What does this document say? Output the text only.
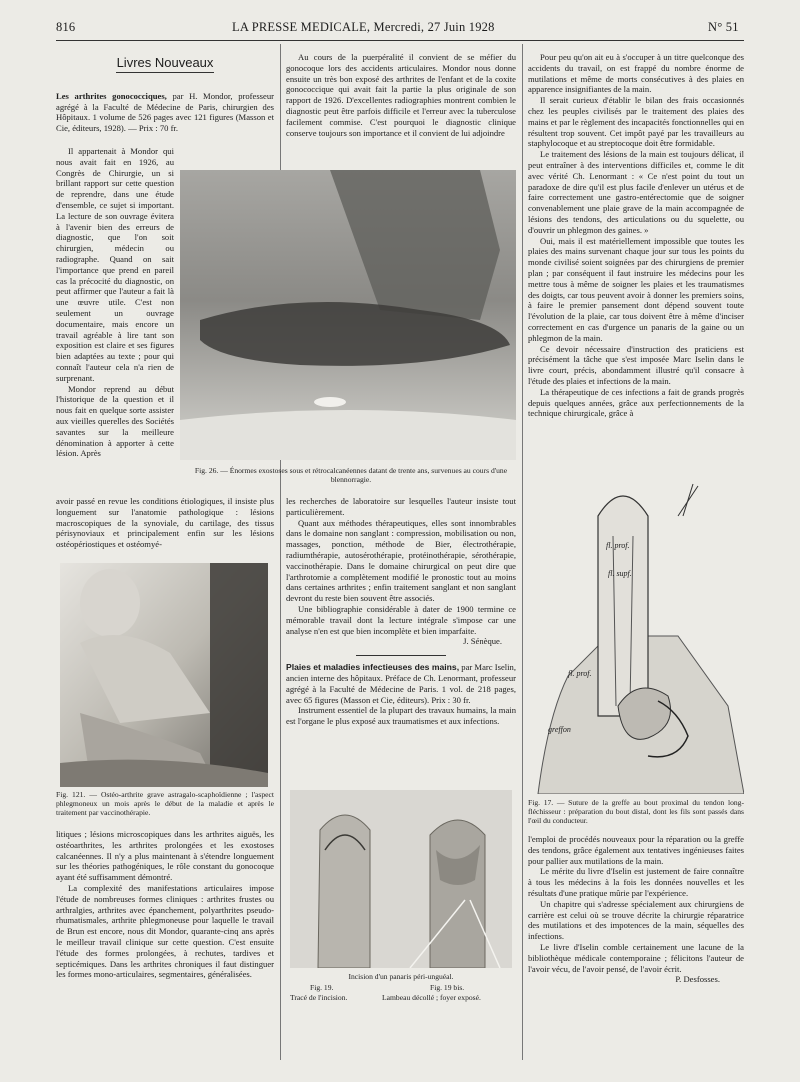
816	LA PRESSE MEDICALE, Mercredi, 27 Juin 1928	N° 51
Livres Nouveaux

Les arthrites gonococciques, par H. Mondor, professeur agrégé à la Faculté de Médecine de Paris, chirurgien des Hôpitaux. 1 volume de 526 pages avec 121 figures (Masson et Cie, éditeurs, 1928). — Prix : 70 fr.

Il appartenait à Mondor qui nous avait fait en 1926, au Congrès de Chirurgie, un si brillant rapport sur cette question de reprendre, dans une étude d'ensemble, ce sujet si important. La lecture de son ouvrage évitera à l'avenir bien des erreurs de diagnostic, que l'on soit chirurgien, médecin ou radiographe. Quand on sait l'importance que prend en pareil cas la précocité du diagnostic, on peut affirmer que l'auteur a fait là une œuvre utile. C'est non seulement un ouvrage documentaire, mais encore un travail agréable à lire tant son exposition est claire et ses figures bien adaptées au texte ; pour qui connaît l'auteur cela n'a rien de surprenant.

Mondor reprend au début l'historique de la question et il nous fait en quelque sorte assister aux vieilles querelles des Sociétés savantes sur la meilleure dénomination à apporter à cette lésion. Après

avoir passé en revue les conditions étiologiques, il insiste plus longuement sur l'anatomie pathologique : lésions macroscopiques de la synoviale, du cartilage, des tissus périsynoviaux et principalement enfin sur les lésions ostéopériostiques et ostéomyé-

Fig. 121. — Ostéo-arthrite grave astragalo-scaphoïdienne ; l'aspect phlegmoneux un mois après le début de la maladie et après le traitement par vaccinothérapie.

litiques ; lésions microscopiques dans les arthrites aiguës, les ostéoarthrites, les arthrites prolongées et les exostoses calcanéennes. Il n'y a plus maintenant à s'étendre longuement sur les théories pathogéniques, le rôle constant du gonocoque ayant été suffisamment démontré.

La complexité des manifestations articulaires impose l'étude de nombreuses formes cliniques : arthrites frustes ou arthralgies, arthrites avec épanchement, polyarthrites pseudo-rhumatismales, arthrite phlegmoneuse pour laquelle le travail de Brun est encore, nous dit Mondor, quarante-cinq ans après le meilleur travail clinique sur cette question. C'est ensuite l'étude des formes prolongées, à rechutes, tardives et septicémiques. Dans les arthrites chroniques il faut distinguer les formes mono-articulaires, segmentaires, généralisées.

Au cours de la puerpéralité il convient de se méfier du gonocoque lors des accidents articulaires. Mondor nous donne ensuite un très bon exposé des arthrites de l'enfant et de la coxite gonococcique qui avait fait la partie la plus originale de son rapport de 1926. D'excellentes radiographies montrent combien le diagnostic peut être parfois difficile et l'erreur avec la tuberculose facilement commise. C'est pourquoi le diagnostic clinique conserve toujours son importance et il convient de lui adjoindre

Fig. 26. — Énormes exostoses sous et rétrocalcanéennes datant de trente ans, survenues au cours d'une blennorragie.

les recherches de laboratoire sur lesquelles l'auteur insiste tout particulièrement.

Quant aux méthodes thérapeutiques, elles sont innombrables dans le domaine non sanglant : compression, mobilisation ou non, massages, ponction, méthode de Bier, électrothérapie, radiumthérapie, autosérothérapie, protéinothérapie, sérothérapie, vaccinothérapie. Dans le domaine chirurgical on peut dire que l'arthrotomie a complètement modifié le pronostic tout au moins dans certaines arthrites ; enfin traitement sanglant et non sanglant devront du reste bien souvent être associés.

Une bibliographie considérable à dater de 1900 termine ce mémorable travail dont la lecture intégrale s'impose car une analyse n'en est que bien incomplète et bien imparfaite.

J. Sénèque.

Plaies et maladies infectieuses des mains, par Marc Iselin, ancien interne des hôpitaux. Préface de Ch. Lenormant, professeur agrégé à la Faculté de Médecine de Paris. 1 vol. de 218 pages, avec 65 figures (Masson et Cie, éditeurs). Prix : 30 fr.

Instrument essentiel de la plupart des travaux humains, la main est l'organe le plus exposé aux traumatismes et aux infections.

Incision d'un panaris péri-unguéal.
Fig. 19.	Fig. 19 bis.
Tracé de l'incision.	Lambeau décollé ; foyer exposé.

Pour peu qu'on ait eu à s'occuper à un titre quelconque des accidents du travail, on est frappé du nombre énorme de mutilations et même de morts consécutives à des plaies en apparence insignifiantes de la main.

Il serait curieux d'établir le bilan des frais occasionnés chez les peuples civilisés par le traitement des plaies des mains et par le règlement des incapacités fonctionnelles qui en résultent trop souvent. Cet impôt payé par les travailleurs au staphylocoque et au streptocoque doit être formidable.

Le traitement des lésions de la main est toujours délicat, il peut entraîner à des interventions difficiles et, comme le dit avec vérité Ch. Lenormant : « Ce n'est point du tout un paradoxe de dire qu'il est plus facile d'enlever un utérus et de faire correctement une gastro-entérectomie que de soigner convenablement une plaie grave de la main accompagnée de lésions des tendons, des articulations ou du squelette, ou d'ouvrir un phlegmon des gaines. »

Oui, mais il est matériellement impossible que toutes les plaies des mains survenant chaque jour sur tous les points du monde civilisé soient soignées par des chirurgiens de premier plan ; par conséquent il faut instruire les médecins pour les mettre tous à même de soigner les plaies et les traumatismes des doigts, car tous peuvent avoir à donner les premiers soins, à faire le premier pansement dont dépend souvent toute l'évolution de la plaie, car tous doivent être à même d'inciser correctement en cas d'urgence un panaris de la gaine ou un phlegmon de la main.

Ce devoir nécessaire d'instruction des praticiens est précisément la tâche que s'est imposée Marc Iselin dans le livre court, précis, abondamment illustré qu'il consacre à l'étude des plaies et infections de la main.

La thérapeutique de ces infections a fait de grands progrès depuis quelques années, grâce aux perfectionnements de la technique chirurgicale, grâce à

fl. prof.
fl. supf.
fl. prof.
greffon
Fig. 17. — Suture de la greffe au bout proximal du tendon long-fléchisseur : préparation du bout distal, dont les fils sont passés dans l'œil du conducteur.

l'emploi de procédés nouveaux pour la réparation ou la greffe des tendons, grâce également aux tentatives ingénieuses faites pour pallier aux mutilations de la main.

Le mérite du livre d'Iselin est justement de faire connaître à tous les médecins à la fois les données nouvelles et les résultats d'une pratique mûrie par l'expérience.

Un chapitre qui s'adresse spécialement aux chirurgiens de carrière est celui où se trouve décrite la chirurgie réparatrice des mutilations et des impotences de la main, séquelles des infections.

Le livre d'Iselin comble certainement une lacune de la bibliothèque médicale contemporaine ; félicitons l'auteur de l'avoir vécu, de l'avoir pensé, de l'avoir écrit.

P. Desfosses.
